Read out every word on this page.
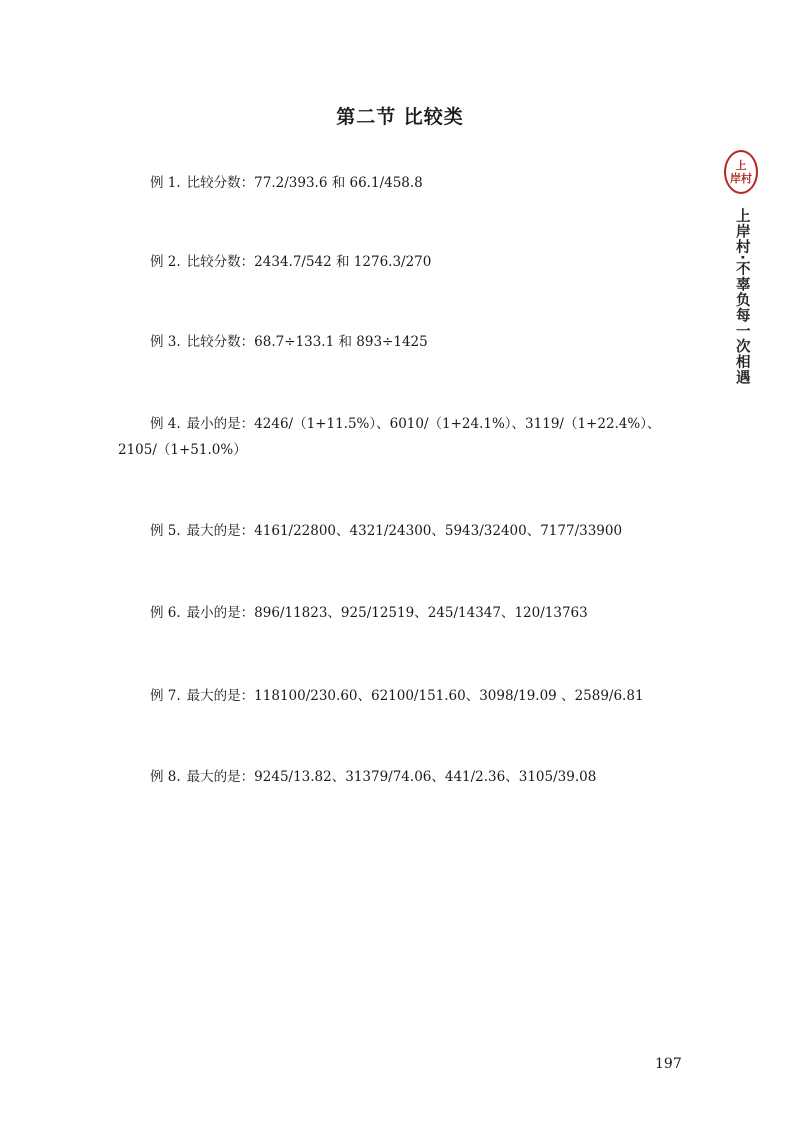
第二节 比较类
例 1. 比较分数：77.2/393.6 和 66.1/458.8
例 2. 比较分数：2434.7/542 和 1276.3/270
例 3. 比较分数：68.7÷133.1 和 893÷1425
例 4. 最小的是：4246/（1+11.5%）、6010/（1+24.1%）、3119/（1+22.4%）、2105/（1+51.0%）
例 5. 最大的是：4161/22800、4321/24300、5943/32400、7177/33900
例 6. 最小的是：896/11823、925/12519、245/14347、120/13763
例 7. 最大的是：118100/230.60、62100/151.60、3098/19.09 、2589/6.81
例 8. 最大的是：9245/13.82、31379/74.06、441/2.36、3105/39.08
上
岸村
上岸村·不辜负每一次相遇
197
